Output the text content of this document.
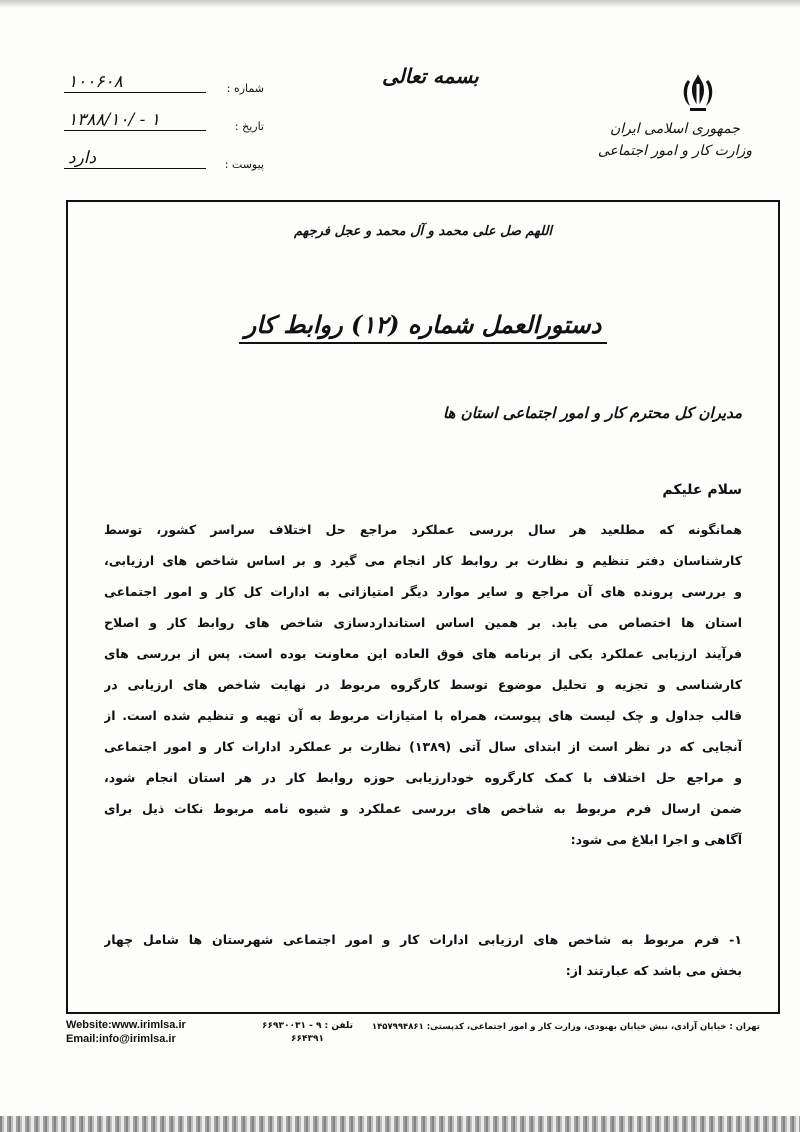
جمهوری اسلامی ایران
وزارت کار و امور اجتماعی
بسمه تعالی
۱۰۰۶۰۸	شماره :
۱۳۸۸/۱۰/ - ۱	تاریخ :
دارد	پیوست :
اللهم صل علی محمد و آل محمد و عجل فرجهم
دستورالعمل شماره (۱۲) روابط کار
مدیران کل محترم کار و امور اجتماعی استان ها
سلام علیکم
همانگونه که مطلعید هر سال بررسی عملکرد مراجع حل اختلاف سراسر کشور، توسط
کارشناسان دفتر تنظیم و نظارت بر روابط کار انجام می گیرد و بر اساس شاخص های ارزیابی،
و بررسی پرونده های آن مراجع و سایر موارد دیگر امتیازاتی به ادارات کل کار و امور اجتماعی
استان ها اختصاص می یابد. بر همین اساس استانداردسازی شاخص های روابط کار و اصلاح
فرآیند ارزیابی عملکرد یکی از برنامه های فوق العاده این معاونت بوده است. پس از بررسی های
کارشناسی و تجزیه و تحلیل موضوع توسط کارگروه مربوط در نهایت شاخص های ارزیابی در
قالب جداول و چک لیست های پیوست، همراه با امتیازات مربوط به آن تهیه و تنظیم شده است. از
آنجایی که در نظر است از ابتدای سال آتی (۱۳۸۹) نظارت بر عملکرد ادارات کار و امور اجتماعی
و مراجع حل اختلاف با کمک کارگروه خودارزیابی حوزه روابط کار در هر استان انجام شود،
ضمن ارسال فرم مربوط به شاخص های بررسی عملکرد و شیوه نامه مربوط نکات ذیل برای
آگاهی و اجرا ابلاغ می شود:
۱- فرم مربوط به شاخص های ارزیابی ادارات کار و امور اجتماعی شهرستان ها شامل چهار
بخش می باشد که عبارتند از:
Website:www.irimlsa.ir
Email:info@irimlsa.ir
تلفن : ۹ - ۶۶۹۳۰۰۳۱
۶۶۴۳۹۱
تهران : خیابان آزادی، نبش خیابان بهبودی، وزارت کار و امور اجتماعی، کدپستی: ۱۴۵۷۹۹۴۸۶۱
